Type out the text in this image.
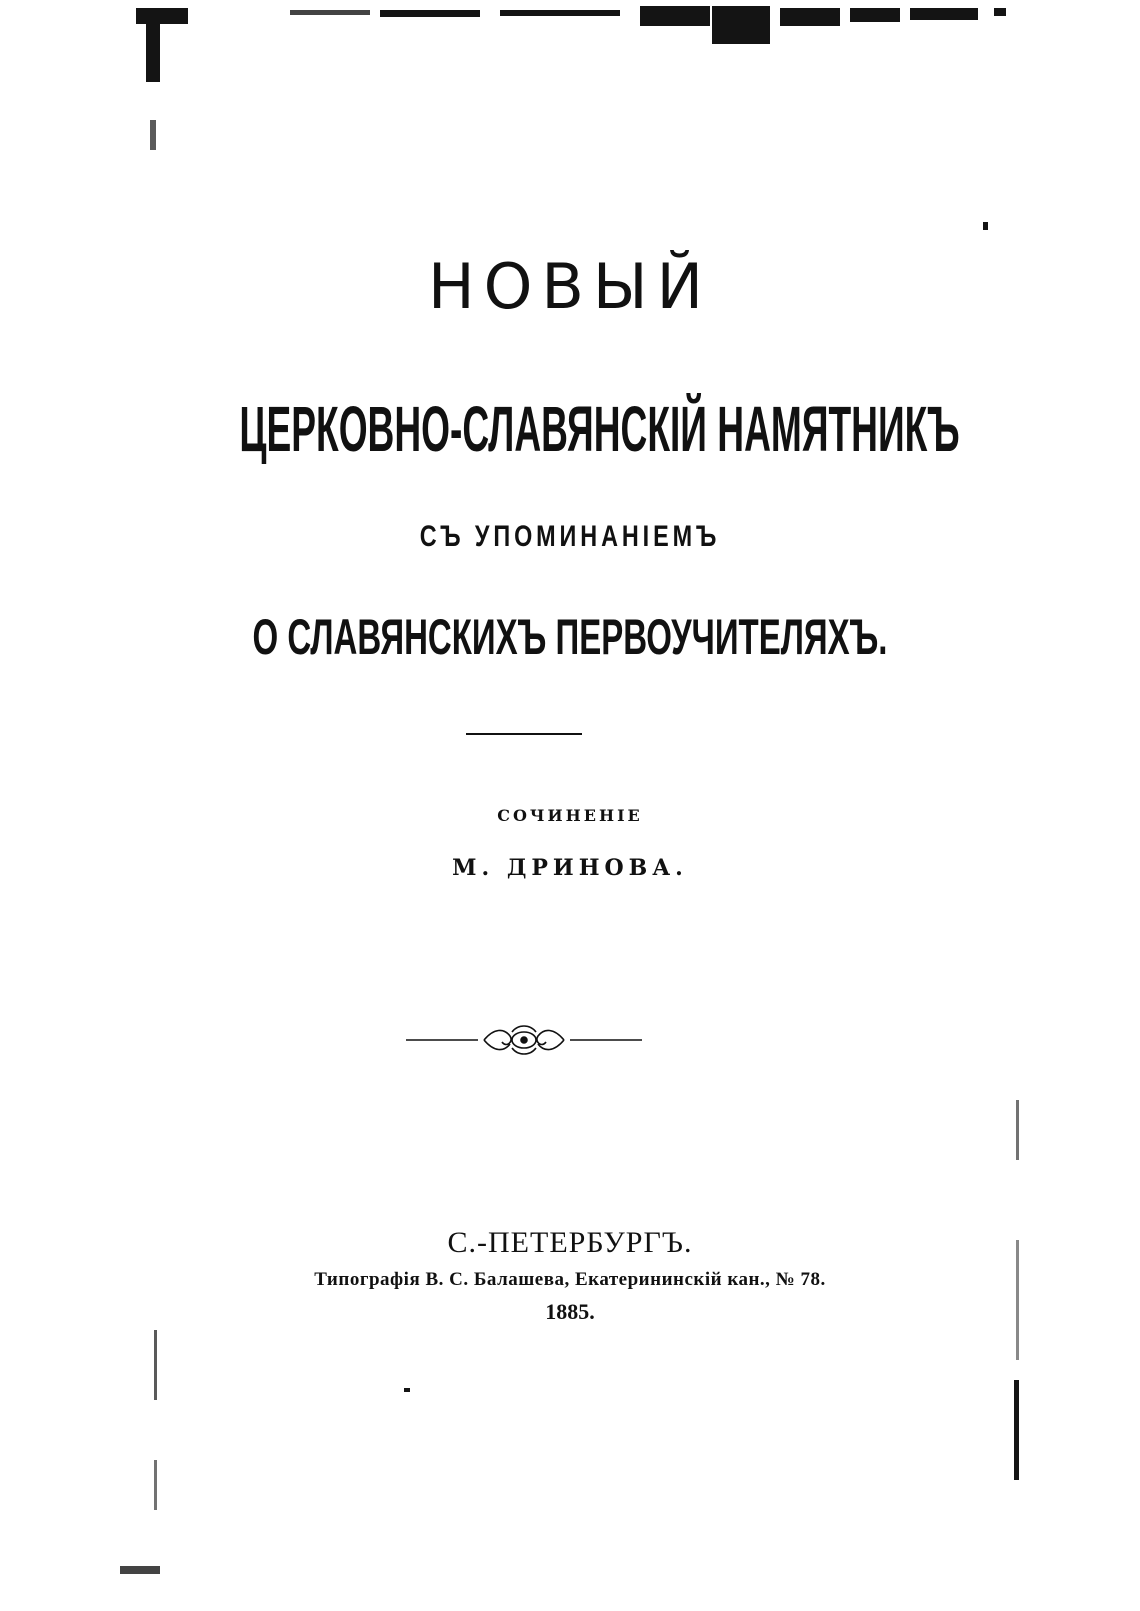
НОВЫЙ
ЦЕРКОВНО-СЛАВЯНСКІЙ НАМЯТНИКЪ
СЪ УПОМИНАНІЕМЪ
О СЛАВЯНСКИХЪ ПЕРВОУЧИТЕЛЯХЪ.
СОЧИНЕНІЕ
М. ДРИНОВА.
С.-ПЕТЕРБУРГЪ.
Типографія В. С. Балашева, Екатерининскій кан., № 78.
1885.
